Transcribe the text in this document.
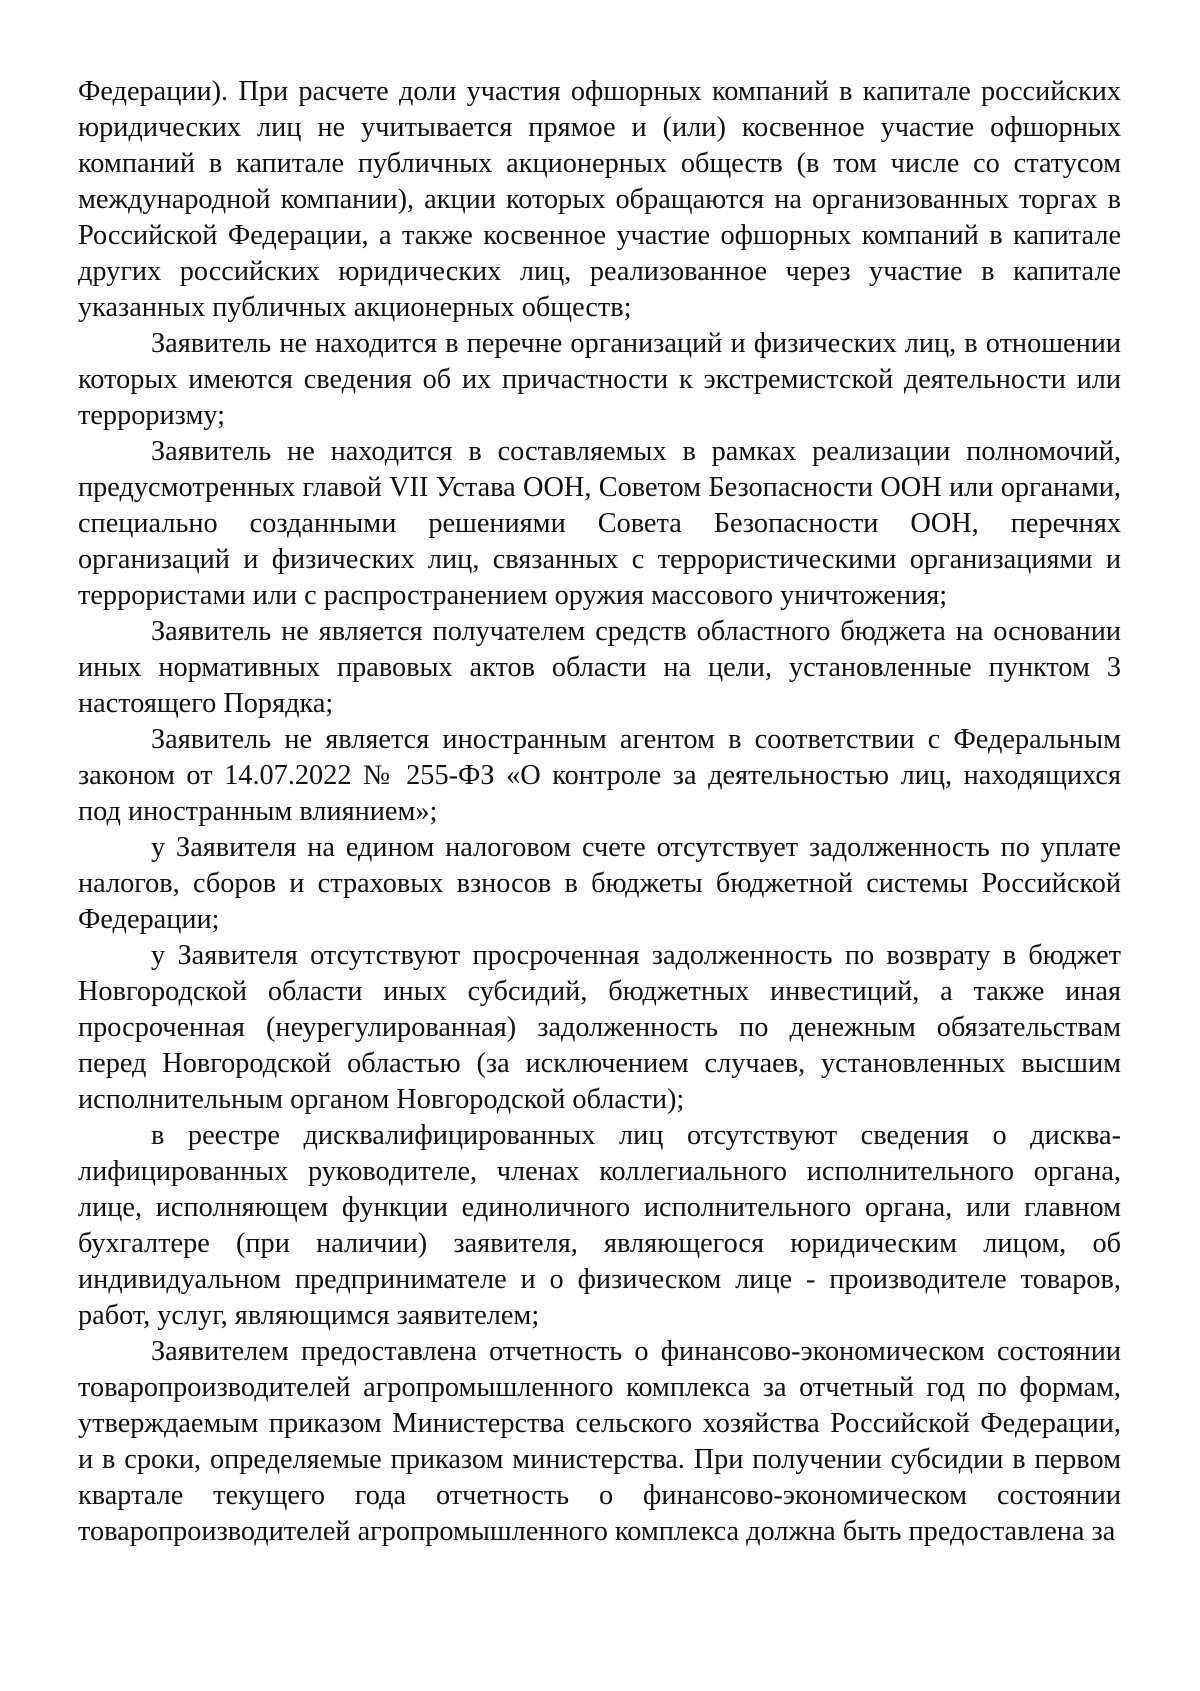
Федерации). При расчете доли участия офшорных компаний в капитале российских юридических лиц не учитывается прямое и (или) косвенное участие офшорных компаний в капитале публичных акционерных обществ (в том числе со статусом международной компании), акции которых обращаются на организованных торгах в Российской Федерации, а также косвенное участие офшорных компаний в капитале других российских юридических лиц, реализованное через участие в капитале указанных публичных акционерных обществ;

Заявитель не находится в перечне организаций и физических лиц, в отношении которых имеются сведения об их причастности к экстремистской деятельности или терроризму;

Заявитель не находится в составляемых в рамках реализации полномочий, предусмотренных главой VII Устава ООН, Советом Безопасности ООН или органами, специально созданными решениями Совета Безопасности ООН, перечнях организаций и физических лиц, связанных с террористическими организациями и террористами или с распространением оружия массового уничтожения;

Заявитель не является получателем средств областного бюджета на основании иных нормативных правовых актов области на цели, установленные пунктом 3 настоящего Порядка;

Заявитель не является иностранным агентом в соответствии с Федеральным законом от 14.07.2022 № 255-ФЗ «О контроле за деятельностью лиц, находящихся под иностранным влиянием»;

у Заявителя на едином налоговом счете отсутствует задолженность по уплате налогов, сборов и страховых взносов в бюджеты бюджетной системы Российской Федерации;

у Заявителя отсутствуют просроченная задолженность по возврату в бюджет Новгородской области иных субсидий, бюджетных инвестиций, а также иная просроченная (неурегулированная) задолженность по денежным обязательствам перед Новгородской областью (за исключением случаев, установленных высшим исполнительным органом Новгородской области);

в реестре дисквалифицированных лиц отсутствуют сведения о дисква-лифицированных руководителе, членах коллегиального исполнительного органа, лице, исполняющем функции единоличного исполнительного органа, или главном бухгалтере (при наличии) заявителя, являющегося юридическим лицом, об индивидуальном предпринимателе и о физическом лице - производителе товаров, работ, услуг, являющимся заявителем;

Заявителем предоставлена отчетность о финансово-экономическом состоянии товаропроизводителей агропромышленного комплекса за отчетный год по формам, утверждаемым приказом Министерства сельского хозяйства Российской Федерации, и в сроки, определяемые приказом министерства. При получении субсидии в первом квартале текущего года отчетность о финансово-экономическом состоянии товаропроизводителей агропромышленного комплекса должна быть предоставлена за
